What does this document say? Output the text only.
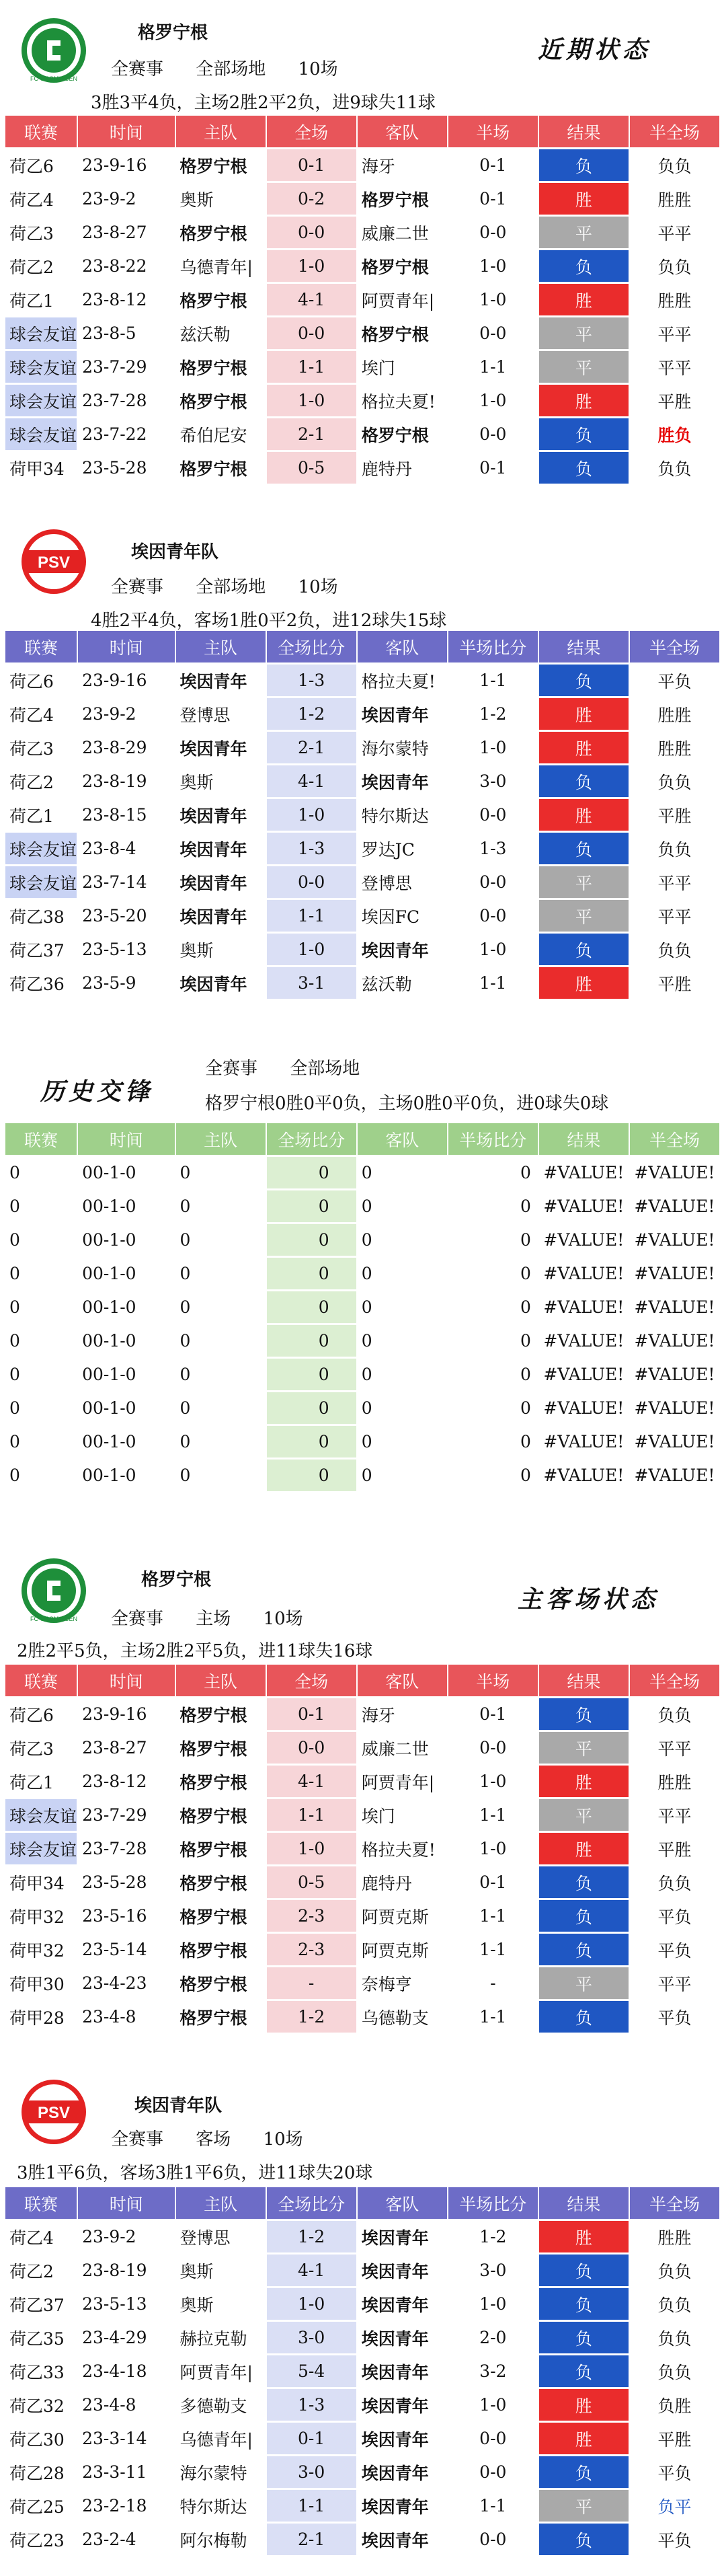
FC GRONINGEN
格罗宁根
近期状态
全赛事 全部场地 10场
3胜3平4负，主场2胜2平2负，进9球失11球
联赛	时间	主队	全场	客队	半场	结果	半全场
荷乙6	23-9-16	格罗宁根	0-1	海牙	0-1	负	负负
荷乙4	23-9-2	奥斯	0-2	格罗宁根	0-1	胜	胜胜
荷乙3	23-8-27	格罗宁根	0-0	威廉二世	0-0	平	平平
荷乙2	23-8-22	乌德青年|	1-0	格罗宁根	1-0	负	负负
荷乙1	23-8-12	格罗宁根	4-1	阿贾青年|	1-0	胜	胜胜
球会友谊	23-8-5	兹沃勒	0-0	格罗宁根	0-0	平	平平
球会友谊	23-7-29	格罗宁根	1-1	埃门	1-1	平	平平
球会友谊	23-7-28	格罗宁根	1-0	格拉夫夏!	1-0	胜	平胜
球会友谊	23-7-22	希伯尼安	2-1	格罗宁根	0-0	负	胜负
荷甲34	23-5-28	格罗宁根	0-5	鹿特丹	0-1	负	负负
PSV
埃因青年队
全赛事 全部场地 10场
4胜2平4负，客场1胜0平2负，进12球失15球
联赛	时间	主队	全场比分	客队	半场比分	结果	半全场
荷乙6	23-9-16	埃因青年	1-3	格拉夫夏!	1-1	负	平负
荷乙4	23-9-2	登博思	1-2	埃因青年	1-2	胜	胜胜
荷乙3	23-8-29	埃因青年	2-1	海尔蒙特	1-0	胜	胜胜
荷乙2	23-8-19	奥斯	4-1	埃因青年	3-0	负	负负
荷乙1	23-8-15	埃因青年	1-0	特尔斯达	0-0	胜	平胜
球会友谊	23-8-4	埃因青年	1-3	罗达JC	1-3	负	负负
球会友谊	23-7-14	埃因青年	0-0	登博思	0-0	平	平平
荷乙38	23-5-20	埃因青年	1-1	埃因FC	0-0	平	平平
荷乙37	23-5-13	奥斯	1-0	埃因青年	1-0	负	负负
荷乙36	23-5-9	埃因青年	3-1	兹沃勒	1-1	胜	平胜
历史交锋
全赛事 全部场地
格罗宁根0胜0平0负，主场0胜0平0负，进0球失0球
联赛	时间	主队	全场比分	客队	半场比分	结果	半全场
0	00-1-0	0	0	0	0	#VALUE!	#VALUE!
0	00-1-0	0	0	0	0	#VALUE!	#VALUE!
0	00-1-0	0	0	0	0	#VALUE!	#VALUE!
0	00-1-0	0	0	0	0	#VALUE!	#VALUE!
0	00-1-0	0	0	0	0	#VALUE!	#VALUE!
0	00-1-0	0	0	0	0	#VALUE!	#VALUE!
0	00-1-0	0	0	0	0	#VALUE!	#VALUE!
0	00-1-0	0	0	0	0	#VALUE!	#VALUE!
0	00-1-0	0	0	0	0	#VALUE!	#VALUE!
0	00-1-0	0	0	0	0	#VALUE!	#VALUE!
FC GRONINGEN
格罗宁根
主客场状态
全赛事 主场 10场
2胜2平5负，主场2胜2平5负，进11球失16球
联赛	时间	主队	全场	客队	半场	结果	半全场
荷乙6	23-9-16	格罗宁根	0-1	海牙	0-1	负	负负
荷乙3	23-8-27	格罗宁根	0-0	威廉二世	0-0	平	平平
荷乙1	23-8-12	格罗宁根	4-1	阿贾青年|	1-0	胜	胜胜
球会友谊	23-7-29	格罗宁根	1-1	埃门	1-1	平	平平
球会友谊	23-7-28	格罗宁根	1-0	格拉夫夏!	1-0	胜	平胜
荷甲34	23-5-28	格罗宁根	0-5	鹿特丹	0-1	负	负负
荷甲32	23-5-16	格罗宁根	2-3	阿贾克斯	1-1	负	平负
荷甲32	23-5-14	格罗宁根	2-3	阿贾克斯	1-1	负	平负
荷甲30	23-4-23	格罗宁根	-	奈梅亨	-	平	平平
荷甲28	23-4-8	格罗宁根	1-2	乌德勒支	1-1	负	平负
PSV	埃因青年队
全赛事 客场 10场
3胜1平6负，客场3胜1平6负，进11球失20球
联赛	时间	主队	全场比分	客队	半场比分	结果	半全场
荷乙4	23-9-2	登博思	1-2	埃因青年	1-2	胜	胜胜
荷乙2	23-8-19	奥斯	4-1	埃因青年	3-0	负	负负
荷乙37	23-5-13	奥斯	1-0	埃因青年	1-0	负	负负
荷乙35	23-4-29	赫拉克勒	3-0	埃因青年	2-0	负	负负
荷乙33	23-4-18	阿贾青年|	5-4	埃因青年	3-2	负	负负
荷乙32	23-4-8	多德勒支	1-3	埃因青年	1-0	胜	负胜
荷乙30	23-3-14	乌德青年|	0-1	埃因青年	0-0	胜	平胜
荷乙28	23-3-11	海尔蒙特	3-0	埃因青年	0-0	负	平负
荷乙25	23-2-18	特尔斯达	1-1	埃因青年	1-1	平	负平
荷乙23	23-2-4	阿尔梅勒	2-1	埃因青年	0-0	负	平负
